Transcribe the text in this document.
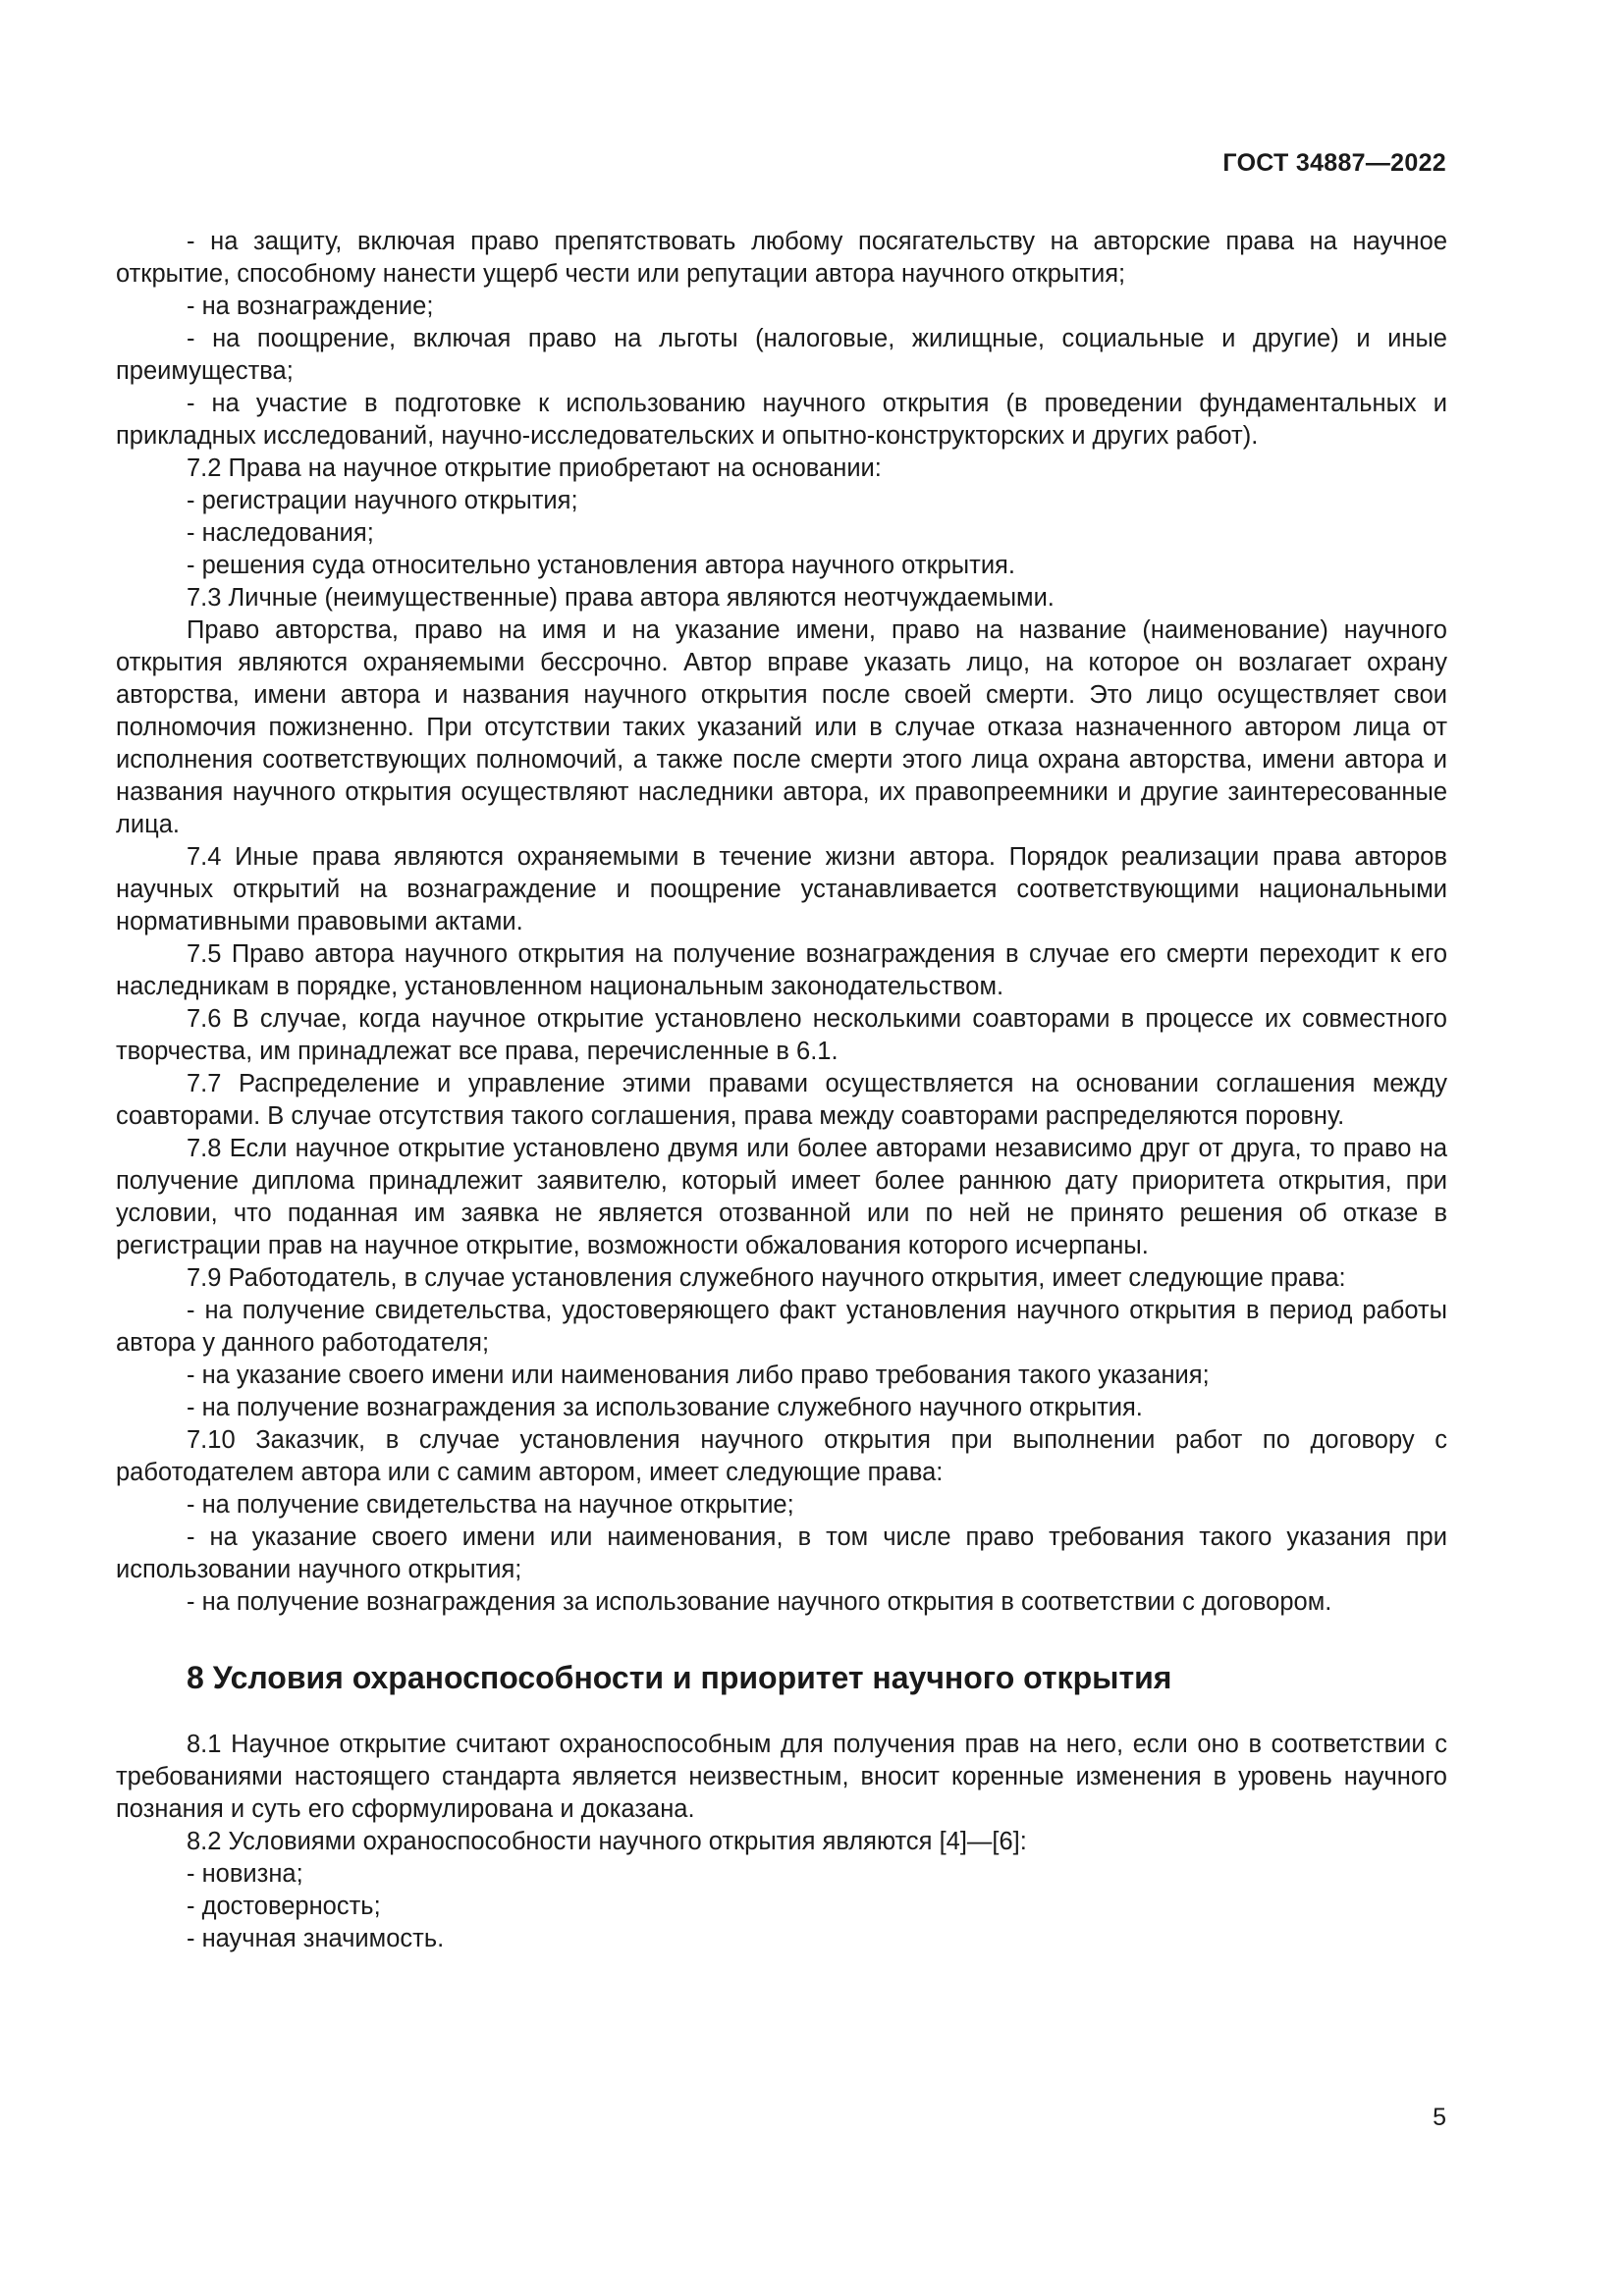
ГОСТ 34887—2022

- на защиту, включая право препятствовать любому посягательству на авторские права на научное открытие, способному нанести ущерб чести или репутации автора научного открытия;

- на вознаграждение;

- на поощрение, включая право на льготы (налоговые, жилищные, социальные и другие) и иные преимущества;

- на участие в подготовке к использованию научного открытия (в проведении фундаментальных и прикладных исследований, научно-исследовательских и опытно-конструкторских и других работ).

7.2 Права на научное открытие приобретают на основании:

- регистрации научного открытия;

- наследования;

- решения суда относительно установления автора научного открытия.

7.3 Личные (неимущественные) права автора являются неотчуждаемыми.

Право авторства, право на имя и на указание имени, право на название (наименование) научного открытия являются охраняемыми бессрочно. Автор вправе указать лицо, на которое он возлагает охрану авторства, имени автора и названия научного открытия после своей смерти. Это лицо осуществляет свои полномочия пожизненно. При отсутствии таких указаний или в случае отказа назначенного автором лица от исполнения соответствующих полномочий, а также после смерти этого лица охрана авторства, имени автора и названия научного открытия осуществляют наследники автора, их правопреемники и другие заинтересованные лица.

7.4 Иные права являются охраняемыми в течение жизни автора. Порядок реализации права авторов научных открытий на вознаграждение и поощрение устанавливается соответствующими национальными нормативными правовыми актами.

7.5 Право автора научного открытия на получение вознаграждения в случае его смерти переходит к его наследникам в порядке, установленном национальным законодательством.

7.6 В случае, когда научное открытие установлено несколькими соавторами в процессе их совместного творчества, им принадлежат все права, перечисленные в 6.1.

7.7 Распределение и управление этими правами осуществляется на основании соглашения между соавторами. В случае отсутствия такого соглашения, права между соавторами распределяются поровну.

7.8 Если научное открытие установлено двумя или более авторами независимо друг от друга, то право на получение диплома принадлежит заявителю, который имеет более раннюю дату приоритета открытия, при условии, что поданная им заявка не является отозванной или по ней не принято решения об отказе в регистрации прав на научное открытие, возможности обжалования которого исчерпаны.

7.9 Работодатель, в случае установления служебного научного открытия, имеет следующие права:

- на получение свидетельства, удостоверяющего факт установления научного открытия в период работы автора у данного работодателя;

- на указание своего имени или наименования либо право требования такого указания;

- на получение вознаграждения за использование служебного научного открытия.

7.10 Заказчик, в случае установления научного открытия при выполнении работ по договору с работодателем автора или с самим автором, имеет следующие права:

- на получение свидетельства на научное открытие;

- на указание своего имени или наименования, в том числе право требования такого указания при использовании научного открытия;

- на получение вознаграждения за использование научного открытия в соответствии с договором.

8 Условия охраноспособности и приоритет научного открытия

8.1 Научное открытие считают охраноспособным для получения прав на него, если оно в соответствии с требованиями настоящего стандарта является неизвестным, вносит коренные изменения в уровень научного познания и суть его сформулирована и доказана.

8.2 Условиями охраноспособности научного открытия являются [4]—[6]:

- новизна;

- достоверность;

- научная значимость.

5
